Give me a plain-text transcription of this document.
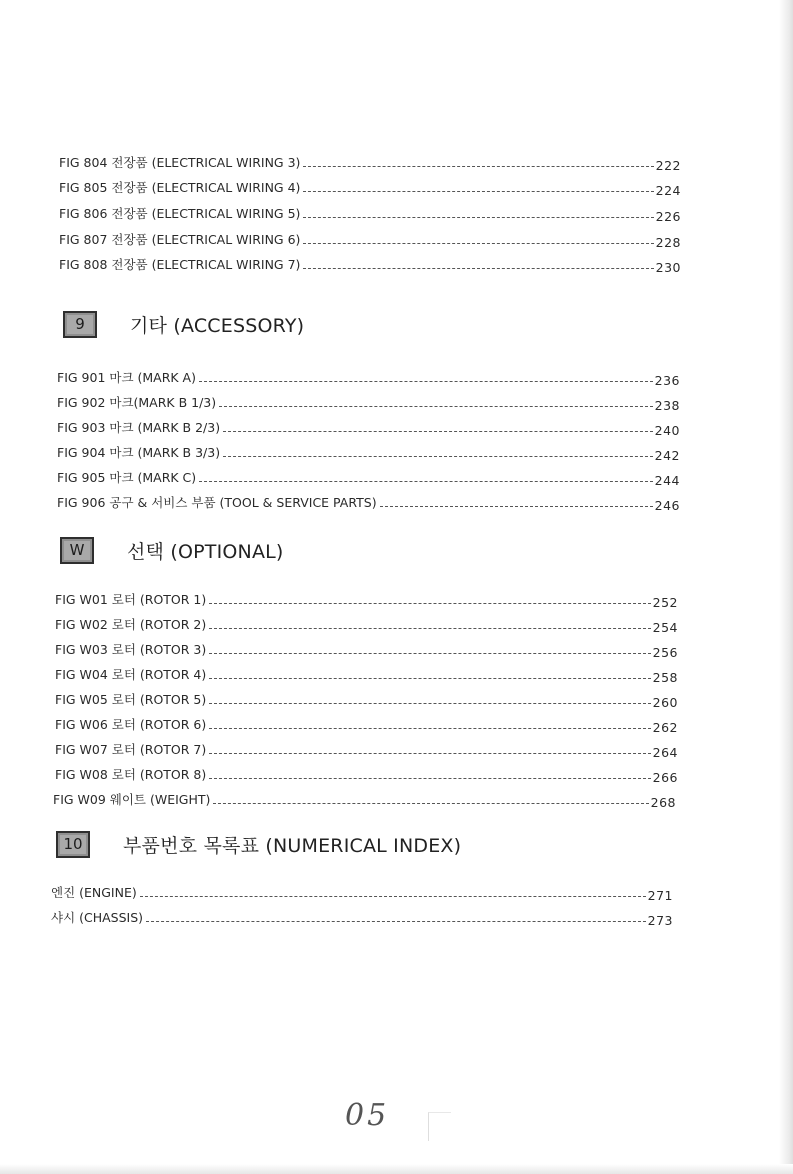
FIG 804 전장품 (ELECTRICAL WIRING 3)	222
FIG 805 전장품 (ELECTRICAL WIRING 4)	224
FIG 806 전장품 (ELECTRICAL WIRING 5)	226
FIG 807 전장품 (ELECTRICAL WIRING 6)	228
FIG 808 전장품 (ELECTRICAL WIRING 7)	230
9	기타 (ACCESSORY)
FIG 901 마크 (MARK A)	236
FIG 902 마크(MARK B 1/3)	238
FIG 903 마크 (MARK B 2/3)	240
FIG 904 마크 (MARK B 3/3)	242
FIG 905 마크 (MARK C)	244
FIG 906 공구 & 서비스 부품 (TOOL & SERVICE PARTS)	246
W 선택 (OPTIONAL)
FIG W01 로터 (ROTOR 1)	252
FIG W02 로터 (ROTOR 2)	254
FIG W03 로터 (ROTOR 3)	256
FIG W04 로터 (ROTOR 4)	258
FIG W05 로터 (ROTOR 5)	260
FIG W06 로터 (ROTOR 6)	262
FIG W07 로터 (ROTOR 7)	264
FIG W08 로터 (ROTOR 8)	266
FIG W09 웨이트 (WEIGHT)	268
10 부품번호 목록표 (NUMERICAL INDEX)
엔진 (ENGINE)	271
샤시 (CHASSIS)	273
05
